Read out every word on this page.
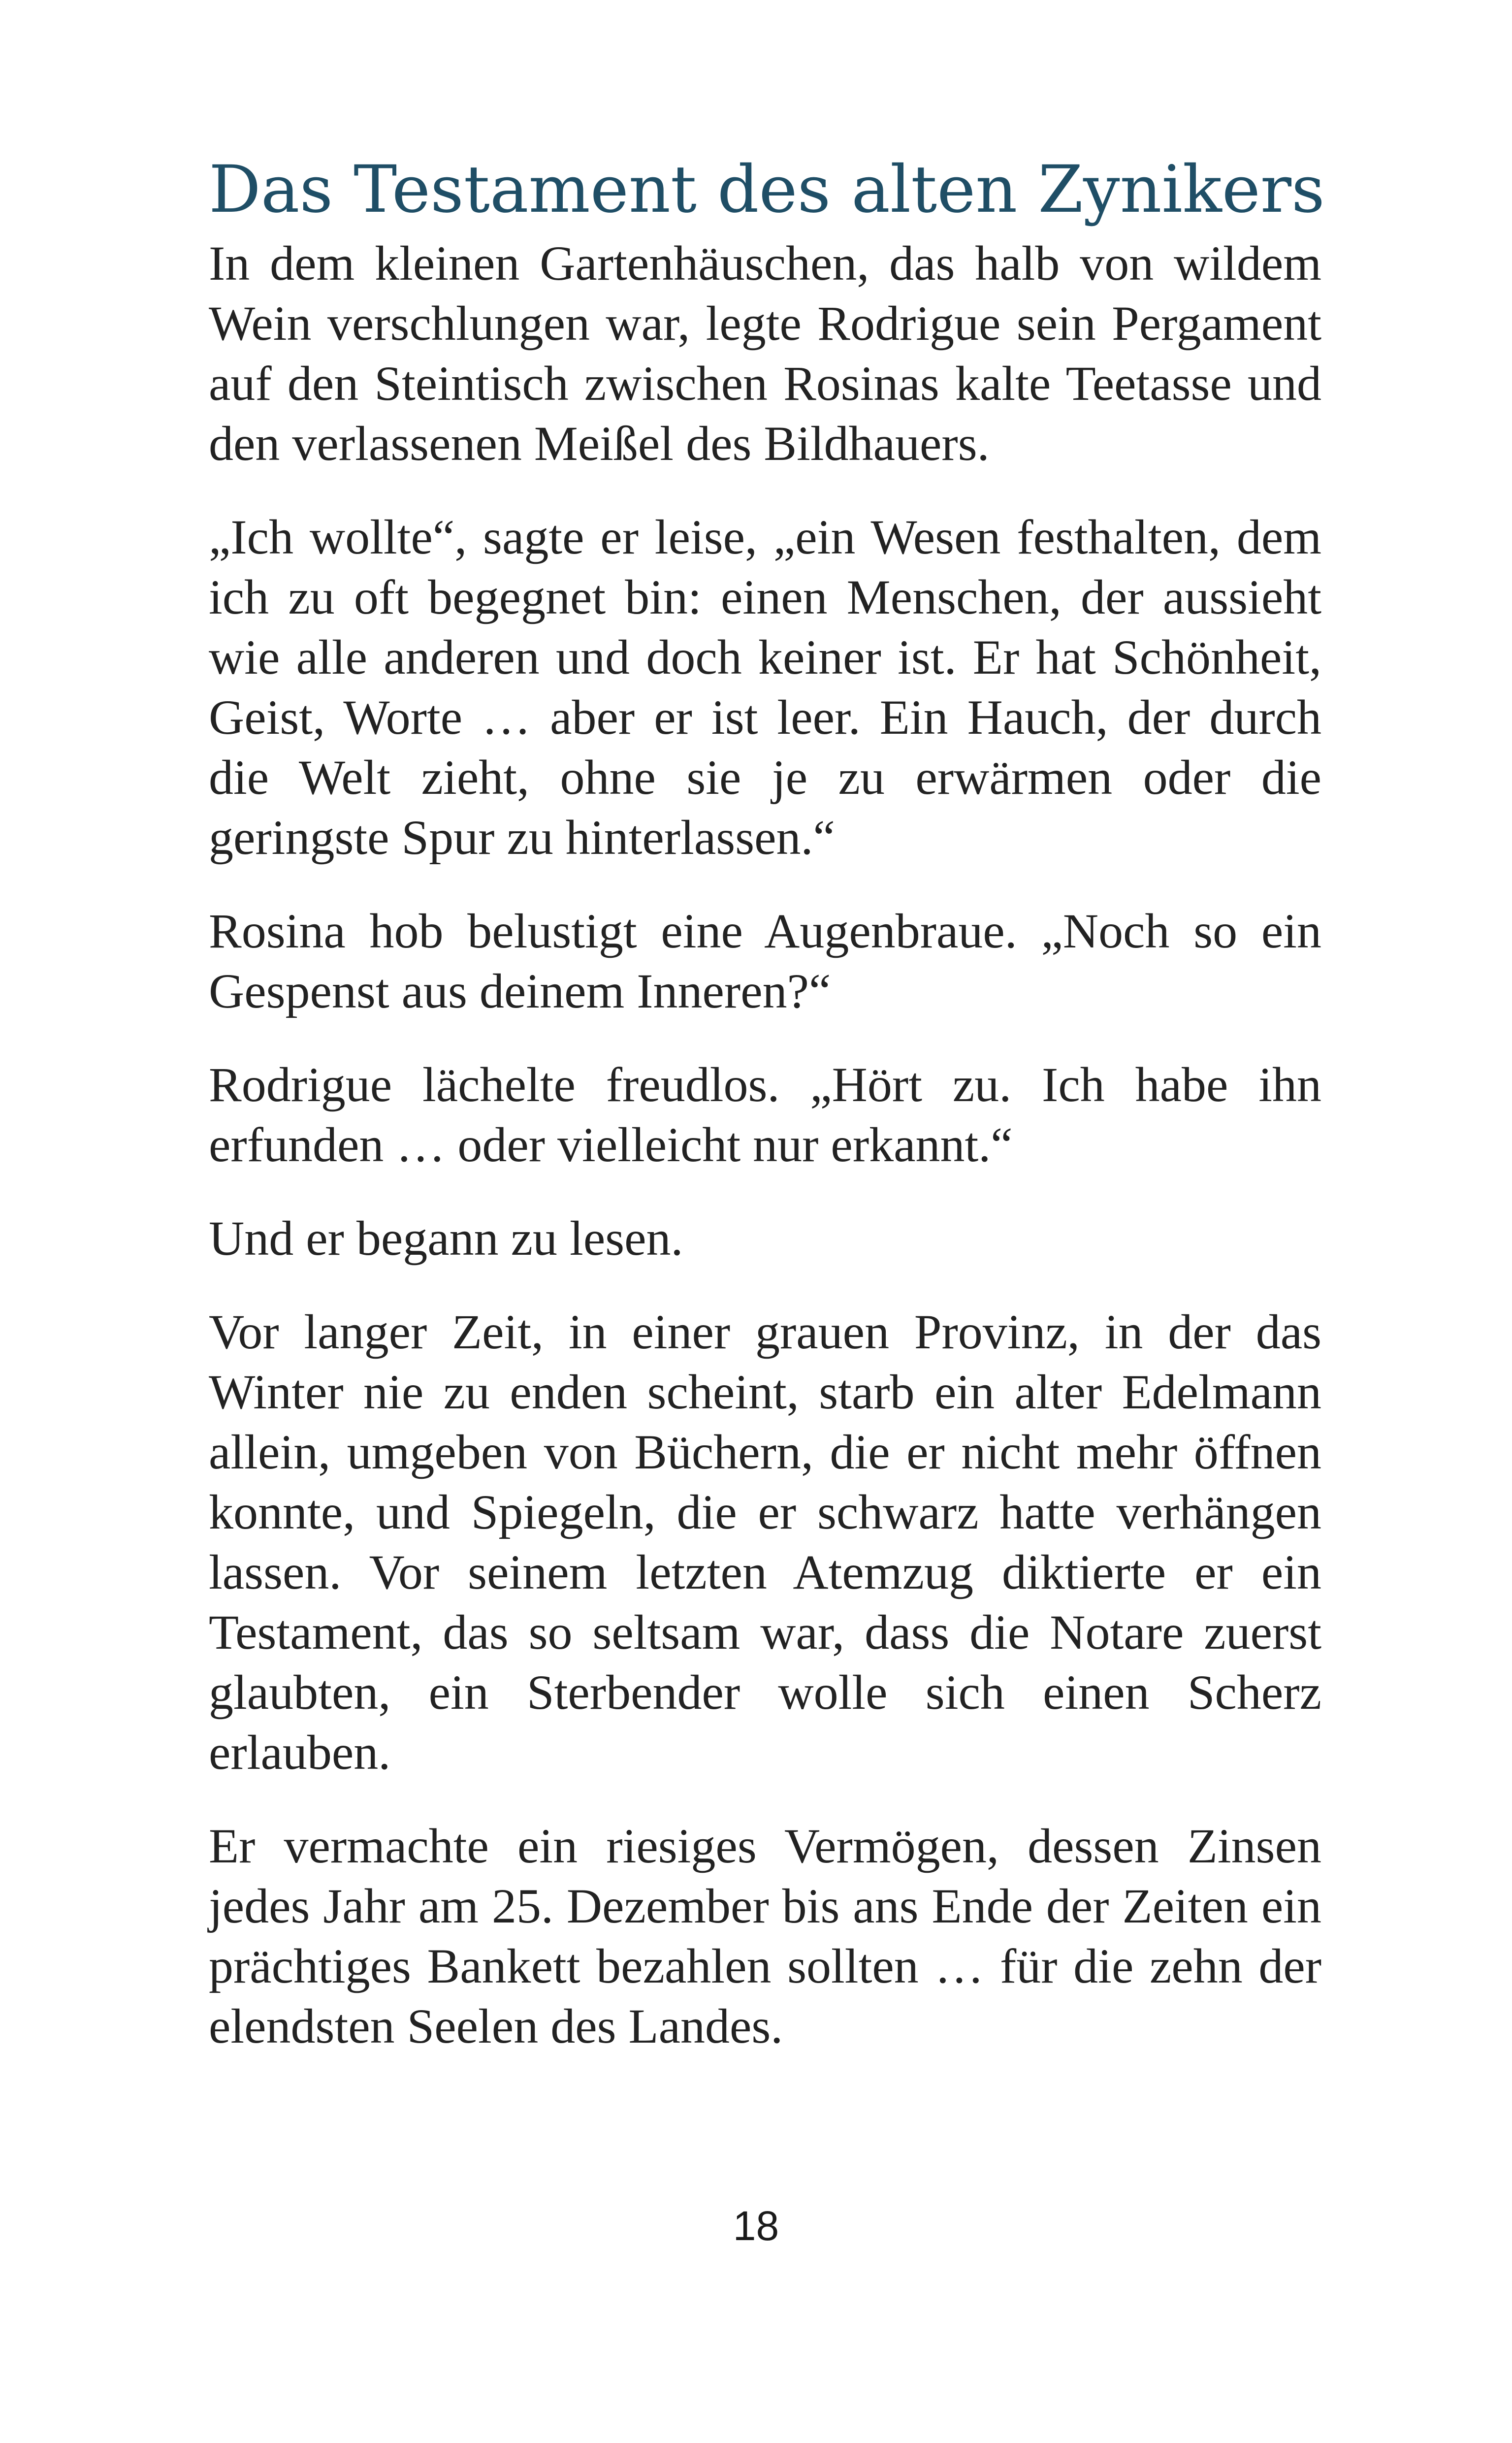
Das Testament des alten Zynikers

In dem kleinen Gartenhäuschen, das halb von wildem Wein verschlungen war, legte Rodrigue sein Pergament auf den Steintisch zwischen Rosinas kalte Teetasse und den verlassenen Meißel des Bildhauers.

„Ich wollte“, sagte er leise, „ein Wesen festhalten, dem ich zu oft begegnet bin: einen Menschen, der aussieht wie alle anderen und doch keiner ist. Er hat Schönheit, Geist, Worte … aber er ist leer. Ein Hauch, der durch die Welt zieht, ohne sie je zu erwärmen oder die geringste Spur zu hinterlassen.“

Rosina hob belustigt eine Augenbraue. „Noch so ein Gespenst aus deinem Inneren?“

Rodrigue lächelte freudlos. „Hört zu. Ich habe ihn erfunden … oder vielleicht nur erkannt.“

Und er begann zu lesen.

Vor langer Zeit, in einer grauen Provinz, in der das Winter nie zu enden scheint, starb ein alter Edelmann allein, umgeben von Büchern, die er nicht mehr öffnen konnte, und Spiegeln, die er schwarz hatte verhängen lassen. Vor seinem letzten Atemzug diktierte er ein Testament, das so seltsam war, dass die Notare zuerst glaubten, ein Sterbender wolle sich einen Scherz erlauben.

Er vermachte ein riesiges Vermögen, dessen Zinsen jedes Jahr am 25. Dezember bis ans Ende der Zeiten ein prächtiges Bankett bezahlen sollten … für die zehn der elendsten Seelen des Landes.

18
